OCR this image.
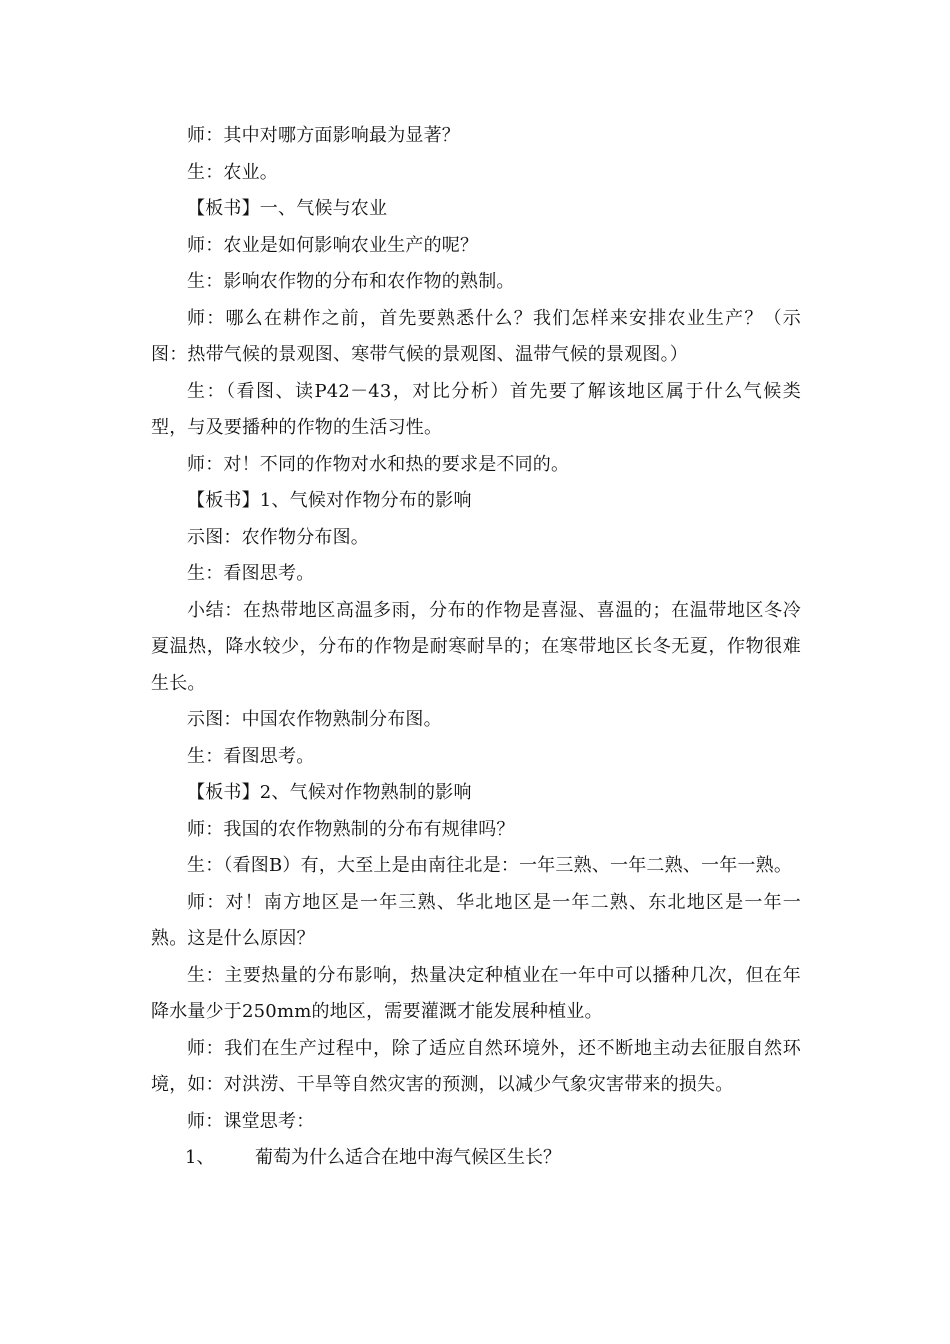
师：其中对哪方面影响最为显著？

生：农业。

【板书】一、气候与农业

师：农业是如何影响农业生产的呢？

生：影响农作物的分布和农作物的熟制。

师：哪么在耕作之前，首先要熟悉什么？我们怎样来安排农业生产？（示图：热带气候的景观图、寒带气候的景观图、温带气候的景观图。）

生：（看图、读P42－43，对比分析）首先要了解该地区属于什么气候类型，与及要播种的作物的生活习性。

师：对！不同的作物对水和热的要求是不同的。

【板书】1、气候对作物分布的影响

示图：农作物分布图。

生：看图思考。

小结：在热带地区高温多雨，分布的作物是喜湿、喜温的；在温带地区冬冷夏温热，降水较少，分布的作物是耐寒耐旱的；在寒带地区长冬无夏，作物很难生长。

示图：中国农作物熟制分布图。

生：看图思考。

【板书】2、气候对作物熟制的影响

师：我国的农作物熟制的分布有规律吗？

生：（看图B）有，大至上是由南往北是：一年三熟、一年二熟、一年一熟。

师：对！南方地区是一年三熟、华北地区是一年二熟、东北地区是一年一熟。这是什么原因？

生：主要热量的分布影响，热量决定种植业在一年中可以播种几次，但在年降水量少于250mm的地区，需要灌溉才能发展种植业。

师：我们在生产过程中，除了适应自然环境外，还不断地主动去征服自然环境，如：对洪涝、干旱等自然灾害的预测，以减少气象灾害带来的损失。

师：课堂思考：

1、 葡萄为什么适合在地中海气候区生长？
